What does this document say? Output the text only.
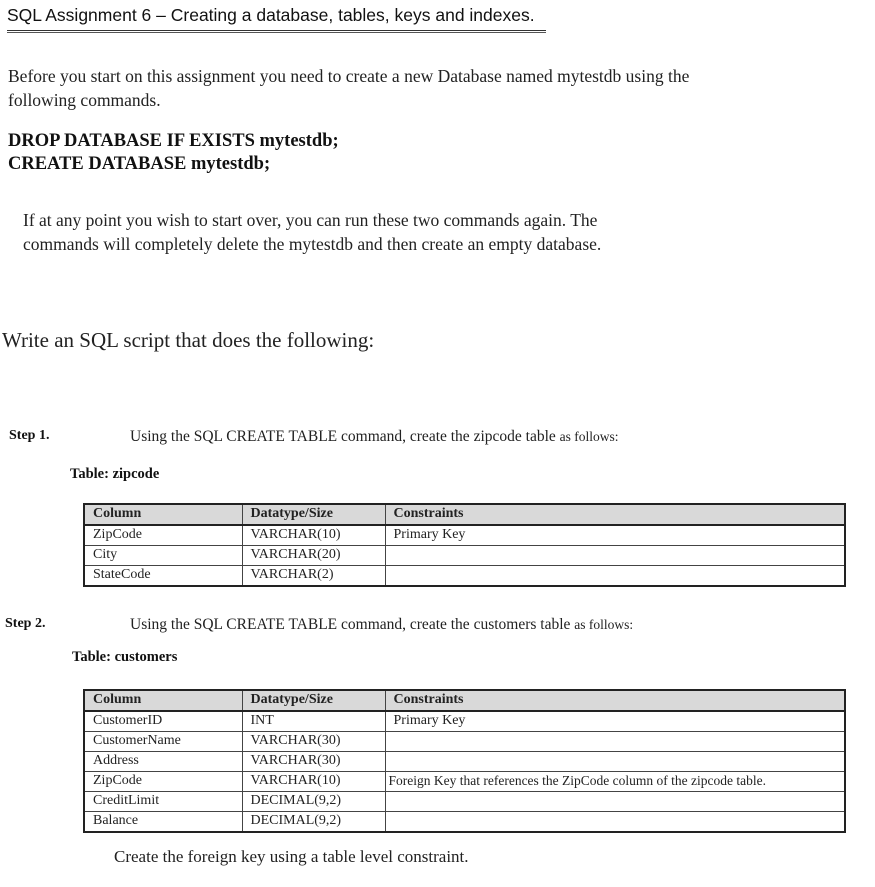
SQL Assignment 6 – Creating a database, tables, keys and indexes.
Before you start on this assignment you need to create a new Database named mytestdb using the
following commands.
DROP DATABASE IF EXISTS mytestdb;
CREATE DATABASE mytestdb;
If at any point you wish to start over, you can run these two commands again. The
commands will completely delete the mytestdb and then create an empty database.
Write an SQL script that does the following:
Step 1.	Using the SQL CREATE TABLE command, create the zipcode table as follows:
Table: zipcode
Column	Datatype/Size	Constraints
ZipCode	VARCHAR(10)	Primary Key
City	VARCHAR(20)	
StateCode	VARCHAR(2)	
Step 2.	Using the SQL CREATE TABLE command, create the customers table as follows:
Table: customers
Column	Datatype/Size	Constraints
CustomerID	INT	Primary Key
CustomerName	VARCHAR(30)	
Address	VARCHAR(30)	
ZipCode	VARCHAR(10)	Foreign Key that references the ZipCode column of the zipcode table.
CreditLimit	DECIMAL(9,2)	
Balance	DECIMAL(9,2)	
Create the foreign key using a table level constraint.
